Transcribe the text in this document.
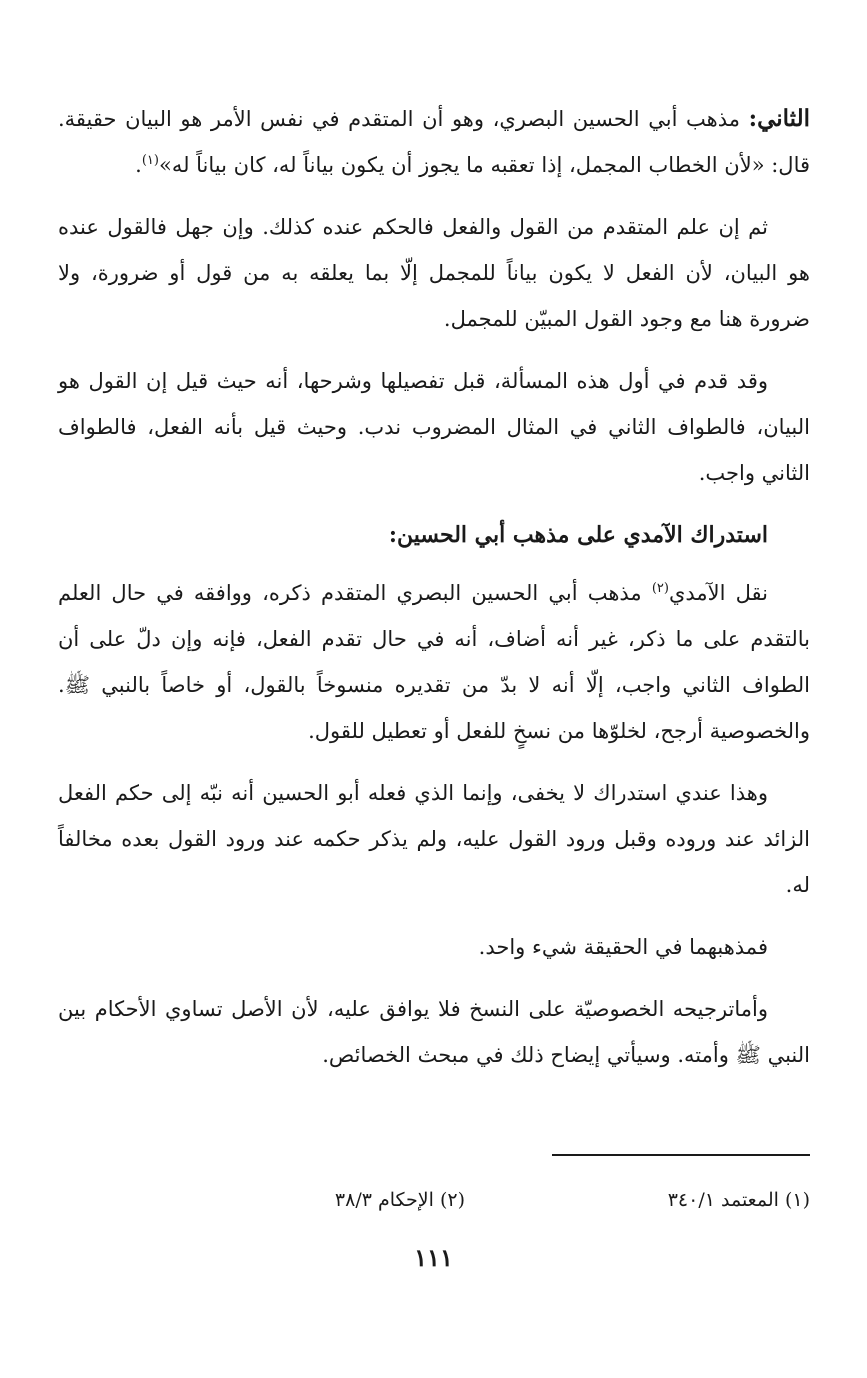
الثاني: مذهب أبي الحسين البصري، وهو أن المتقدم في نفس الأمر هو البيان حقيقة. قال: «لأن الخطاب المجمل، إذا تعقبه ما يجوز أن يكون بياناً له، كان بياناً له»$^{(١)}$.

ثم إن علم المتقدم من القول والفعل فالحكم عنده كذلك. وإن جهل فالقول عنده هو البيان، لأن الفعل لا يكون بياناً للمجمل إلّا بما يعلقه به من قول أو ضرورة، ولا ضرورة هنا مع وجود القول المبيّن للمجمل.

وقد قدم في أول هذه المسألة، قبل تفصيلها وشرحها، أنه حيث قيل إن القول هو البيان، فالطواف الثاني في المثال المضروب ندب. وحيث قيل بأنه الفعل، فالطواف الثاني واجب.

استدراك الآمدي على مذهب أبي الحسين:

نقل الآمدي$^{(٢)}$ مذهب أبي الحسين البصري المتقدم ذكره، ووافقه في حال العلم بالتقدم على ما ذكر، غير أنه أضاف، أنه في حال تقدم الفعل، فإنه وإن دلّ على أن الطواف الثاني واجب، إلّا أنه لا بدّ من تقديره منسوخاً بالقول، أو خاصاً بالنبي ﷺ. والخصوصية أرجح، لخلوّها من نسخٍ للفعل أو تعطيل للقول.

وهذا عندي استدراك لا يخفى، وإنما الذي فعله أبو الحسين أنه نبّه إلى حكم الفعل الزائد عند وروده وقبل ورود القول عليه، ولم يذكر حكمه عند ورود القول بعده مخالفاً له.

فمذهبهما في الحقيقة شيء واحد.

وأماترجيحه الخصوصيّة على النسخ فلا يوافق عليه، لأن الأصل تساوي الأحكام بين النبي ﷺ وأمته. وسيأتي إيضاح ذلك في مبحث الخصائص.

(١) المعتمد ٣٤٠/١
(٢) الإحكام ٣٨/٣
١١١
